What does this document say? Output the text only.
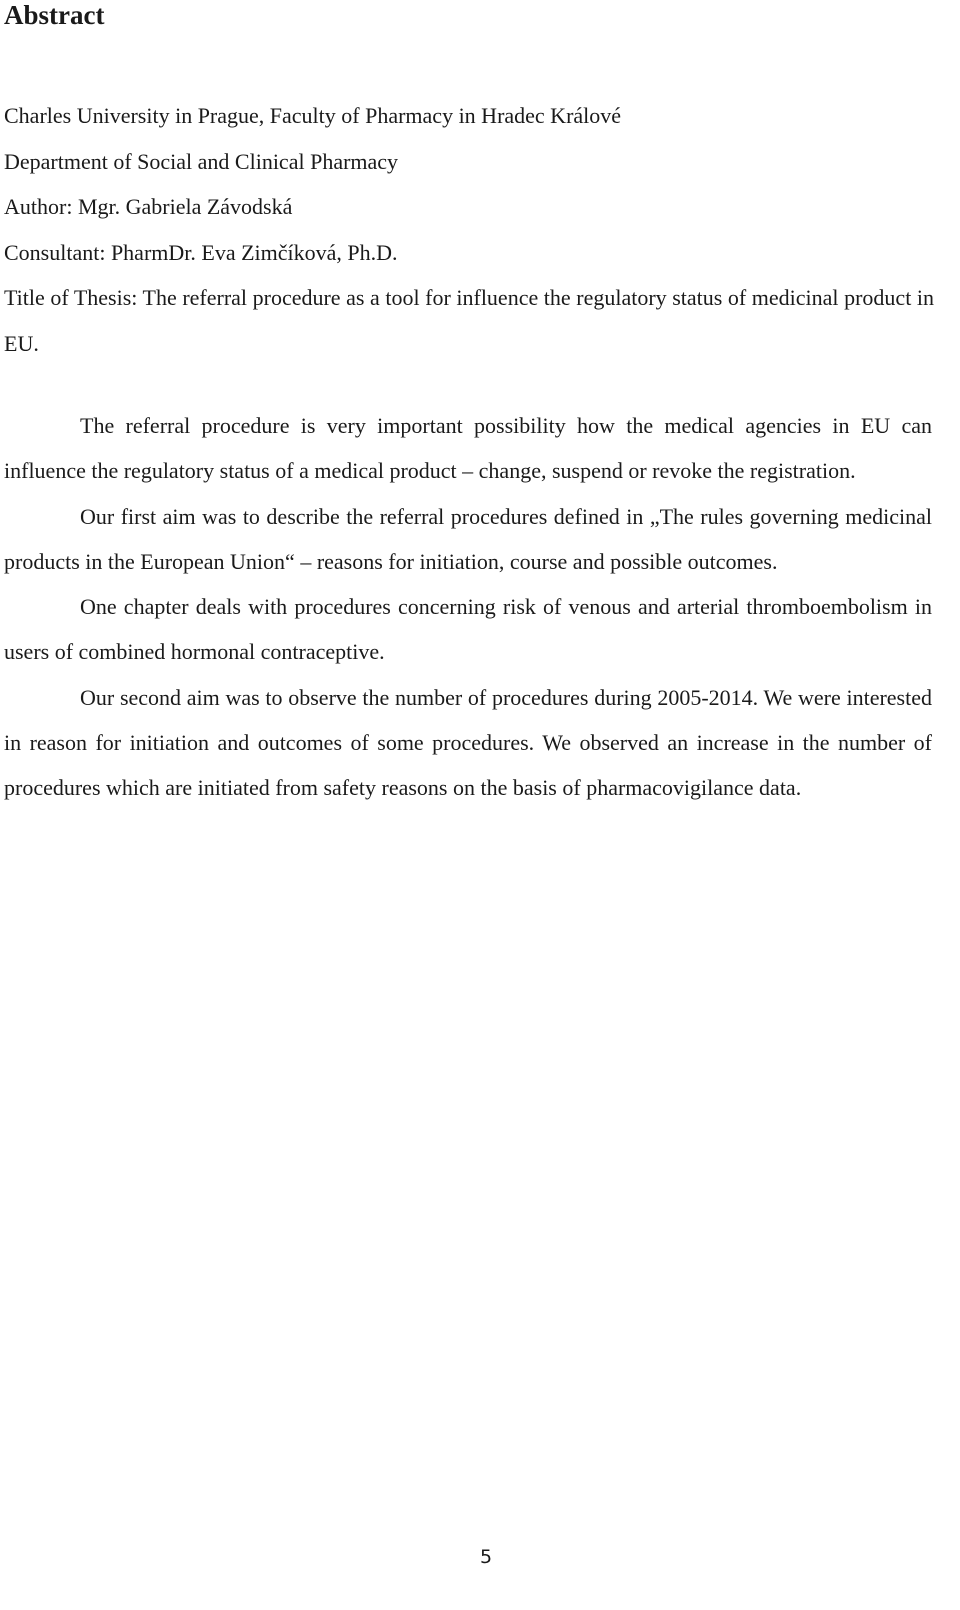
Abstract
Charles University in Prague, Faculty of Pharmacy in Hradec Králové
Department of Social and Clinical Pharmacy
Author: Mgr. Gabriela Závodská
Consultant: PharmDr. Eva Zimčíková, Ph.D.
Title of Thesis: The referral procedure as a tool for influence the regulatory status of medicinal product in EU.

The referral procedure is very important possibility how the medical agencies in EU can influence the regulatory status of a medical product – change, suspend or revoke the registration.

Our first aim was to describe the referral procedures defined in „The rules governing medicinal products in the European Union“ – reasons for initiation, course and possible outcomes.

One chapter deals with procedures concerning risk of venous and arterial thromboembolism in users of combined hormonal contraceptive.

Our second aim was to observe the number of procedures during 2005-2014. We were interested in reason for initiation and outcomes of some procedures. We observed an increase in the number of procedures which are initiated from safety reasons on the basis of pharmacovigilance data.

5
